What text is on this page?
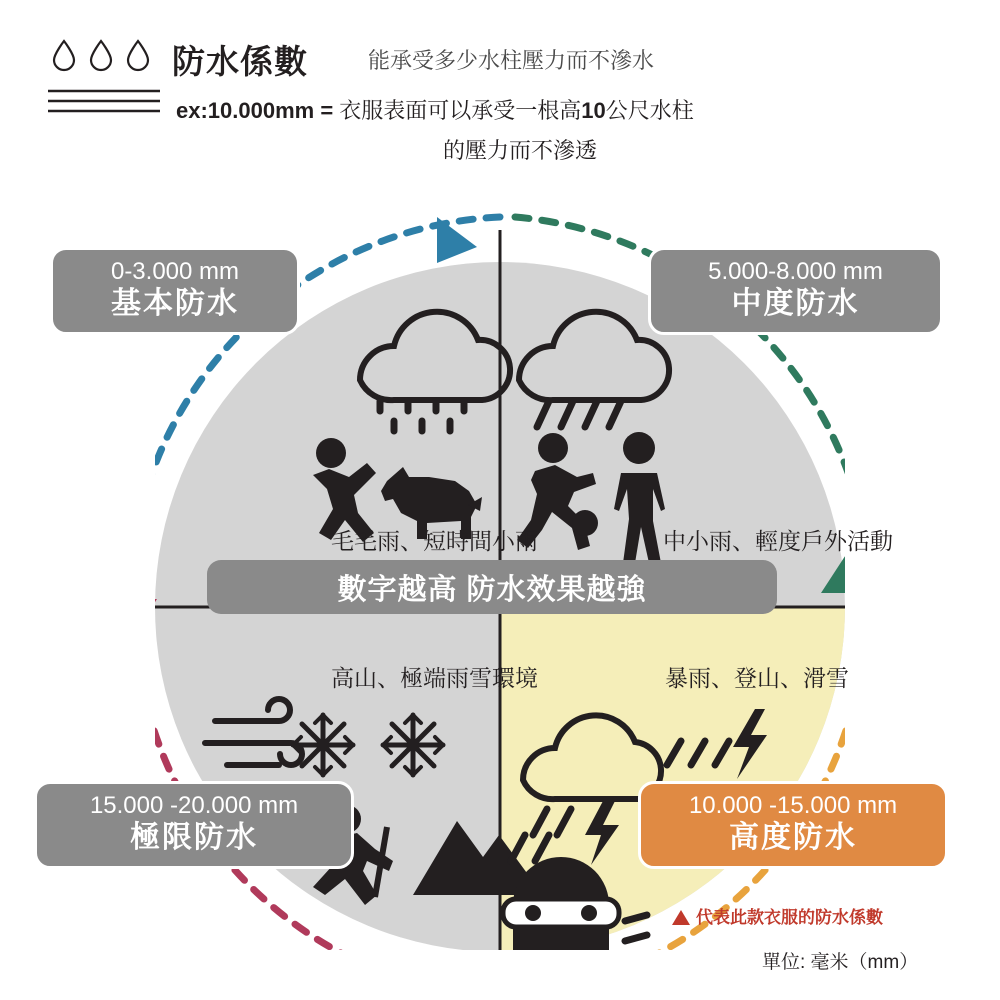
防水係數	能承受多少水柱壓力而不滲水
ex:10.000mm = 衣服表面可以承受一根高10公尺水柱
的壓力而不滲透
毛毛雨、短時間小雨	中小雨、輕度戶外活動
高山、極端雨雪環境	暴雨、登山、滑雪
數字越高 防水效果越強
0-3.000 mm
基本防水
5.000-8.000 mm
中度防水
15.000 -20.000 mm
極限防水
10.000 -15.000 mm
高度防水
代表此款衣服的防水係數
單位: 毫米（mm）
